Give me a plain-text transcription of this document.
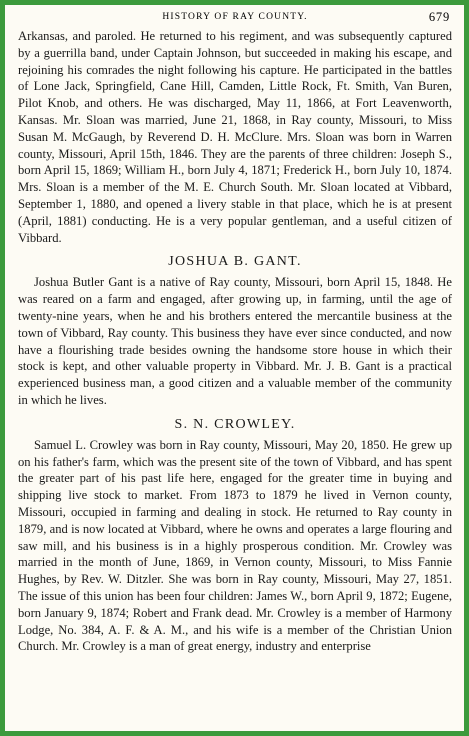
HISTORY OF RAY COUNTY.	679

Arkansas, and paroled. He returned to his regiment, and was subsequently captured by a guerrilla band, under Captain Johnson, but succeeded in making his escape, and rejoining his comrades the night following his capture. He participated in the battles of Lone Jack, Springfield, Cane Hill, Camden, Little Rock, Ft. Smith, Van Buren, Pilot Knob, and others. He was discharged, May 11, 1866, at Fort Leavenworth, Kansas. Mr. Sloan was married, June 21, 1868, in Ray county, Missouri, to Miss Susan M. McGaugh, by Reverend D. H. McClure. Mrs. Sloan was born in Warren county, Missouri, April 15th, 1846. They are the parents of three children: Joseph S., born April 15, 1869; William H., born July 4, 1871; Frederick H., born July 10, 1874. Mrs. Sloan is a member of the M. E. Church South. Mr. Sloan located at Vibbard, September 1, 1880, and opened a livery stable in that place, which he is at present (April, 1881) conducting. He is a very popular gentleman, and a useful citizen of Vibbard.

JOSHUA B. GANT.

Joshua Butler Gant is a native of Ray county, Missouri, born April 15, 1848. He was reared on a farm and engaged, after growing up, in farming, until the age of twenty-nine years, when he and his brothers entered the mercantile business at the town of Vibbard, Ray county. This business they have ever since conducted, and now have a flourishing trade besides owning the handsome store house in which their stock is kept, and other valuable property in Vibbard. Mr. J. B. Gant is a practical experienced business man, a good citizen and a valuable member of the community in which he lives.

S. N. CROWLEY.

Samuel L. Crowley was born in Ray county, Missouri, May 20, 1850. He grew up on his father's farm, which was the present site of the town of Vibbard, and has spent the greater part of his past life here, engaged for the greater time in buying and shipping live stock to market. From 1873 to 1879 he lived in Vernon county, Missouri, occupied in farming and dealing in stock. He returned to Ray county in 1879, and is now located at Vibbard, where he owns and operates a large flouring and saw mill, and his business is in a highly prosperous condition. Mr. Crowley was married in the month of June, 1869, in Vernon county, Missouri, to Miss Fannie Hughes, by Rev. W. Ditzler. She was born in Ray county, Missouri, May 27, 1851. The issue of this union has been four children: James W., born April 9, 1872; Eugene, born January 9, 1874; Robert and Frank dead. Mr. Crowley is a member of Harmony Lodge, No. 384, A. F. & A. M., and his wife is a member of the Christian Union Church. Mr. Crowley is a man of great energy, industry and enterprise
